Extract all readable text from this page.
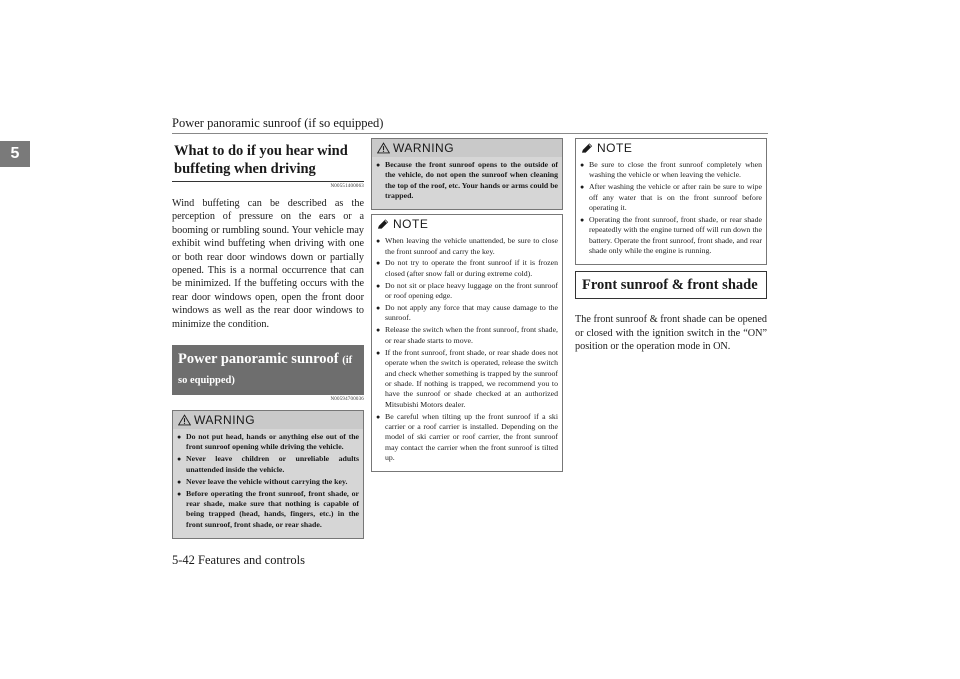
Power panoramic sunroof (if so equipped)
5	What to do if you hear wind buffeting when driving
N00551400063
Wind buffeting can be described as the perception of pressure on the ears or a booming or rumbling sound. Your vehicle may exhibit wind buffeting when driving with one or both rear door windows down or partially opened. This is a normal occurrence that can be minimized. If the buffeting occurs with the rear door windows open, open the front door windows as well as the rear door windows to minimize the condition.
Power panoramic sunroof (if so equipped)
N00594700036
WARNING
● Do not put head, hands or anything else out of the front sunroof opening while driving the vehicle.
● Never leave children or unreliable adults unattended inside the vehicle.
● Never leave the vehicle without carrying the key.
● Before operating the front sunroof, front shade, or rear shade, make sure that nothing is capable of being trapped (head, hands, fingers, etc.) in the front sunroof, front shade, or rear shade.
WARNING
● Because the front sunroof opens to the outside of the vehicle, do not open the sunroof when cleaning the top of the roof, etc. Your hands or arms could be trapped.
NOTE
● When leaving the vehicle unattended, be sure to close the front sunroof and carry the key.
● Do not try to operate the front sunroof if it is frozen closed (after snow fall or during extreme cold).
● Do not sit or place heavy luggage on the front sunroof or roof opening edge.
● Do not apply any force that may cause damage to the sunroof.
● Release the switch when the front sunroof, front shade, or rear shade starts to move.
● If the front sunroof, front shade, or rear shade does not operate when the switch is operated, release the switch and check whether something is trapped by the sunroof or shade. If nothing is trapped, we recommend you to have the sunroof or shade checked at an authorized Mitsubishi Motors dealer.
● Be careful when tilting up the front sunroof if a ski carrier or a roof carrier is installed. Depending on the model of ski carrier or roof carrier, the front sunroof may contact the carrier when the front sunroof is tilted up.
NOTE
● Be sure to close the front sunroof completely when washing the vehicle or when leaving the vehicle.
● After washing the vehicle or after rain be sure to wipe off any water that is on the front sunroof before operating it.
● Operating the front sunroof, front shade, or rear shade repeatedly with the engine turned off will run down the battery. Operate the front sunroof, front shade, and rear shade only while the engine is running.
Front sunroof & front shade
The front sunroof & front shade can be opened or closed with the ignition switch in the “ON” position or the operation mode in ON.
5-42 Features and controls
